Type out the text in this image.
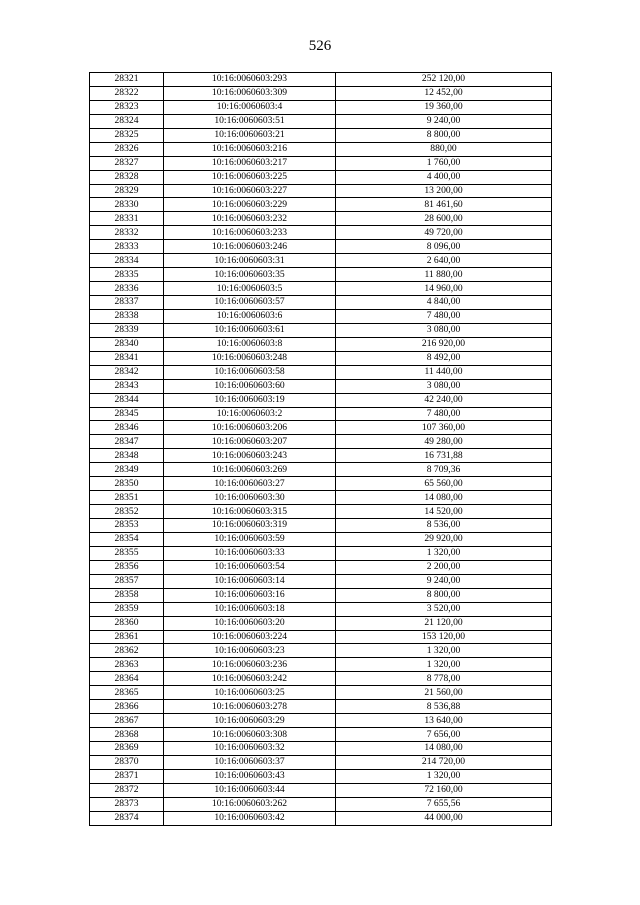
526
28321	10:16:0060603:293	252 120,00
28322	10:16:0060603:309	12 452,00
28323	10:16:0060603:4	19 360,00
28324	10:16:0060603:51	9 240,00
28325	10:16:0060603:21	8 800,00
28326	10:16:0060603:216	880,00
28327	10:16:0060603:217	1 760,00
28328	10:16:0060603:225	4 400,00
28329	10:16:0060603:227	13 200,00
28330	10:16:0060603:229	81 461,60
28331	10:16:0060603:232	28 600,00
28332	10:16:0060603:233	49 720,00
28333	10:16:0060603:246	8 096,00
28334	10:16:0060603:31	2 640,00
28335	10:16:0060603:35	11 880,00
28336	10:16:0060603:5	14 960,00
28337	10:16:0060603:57	4 840,00
28338	10:16:0060603:6	7 480,00
28339	10:16:0060603:61	3 080,00
28340	10:16:0060603:8	216 920,00
28341	10:16:0060603:248	8 492,00
28342	10:16:0060603:58	11 440,00
28343	10:16:0060603:60	3 080,00
28344	10:16:0060603:19	42 240,00
28345	10:16:0060603:2	7 480,00
28346	10:16:0060603:206	107 360,00
28347	10:16:0060603:207	49 280,00
28348	10:16:0060603:243	16 731,88
28349	10:16:0060603:269	8 709,36
28350	10:16:0060603:27	65 560,00
28351	10:16:0060603:30	14 080,00
28352	10:16:0060603:315	14 520,00
28353	10:16:0060603:319	8 536,00
28354	10:16:0060603:59	29 920,00
28355	10:16:0060603:33	1 320,00
28356	10:16:0060603:54	2 200,00
28357	10:16:0060603:14	9 240,00
28358	10:16:0060603:16	8 800,00
28359	10:16:0060603:18	3 520,00
28360	10:16:0060603:20	21 120,00
28361	10:16:0060603:224	153 120,00
28362	10:16:0060603:23	1 320,00
28363	10:16:0060603:236	1 320,00
28364	10:16:0060603:242	8 778,00
28365	10:16:0060603:25	21 560,00
28366	10:16:0060603:278	8 536,88
28367	10:16:0060603:29	13 640,00
28368	10:16:0060603:308	7 656,00
28369	10:16:0060603:32	14 080,00
28370	10:16:0060603:37	214 720,00
28371	10:16:0060603:43	1 320,00
28372	10:16:0060603:44	72 160,00
28373	10:16:0060603:262	7 655,56
28374	10:16:0060603:42	44 000,00
